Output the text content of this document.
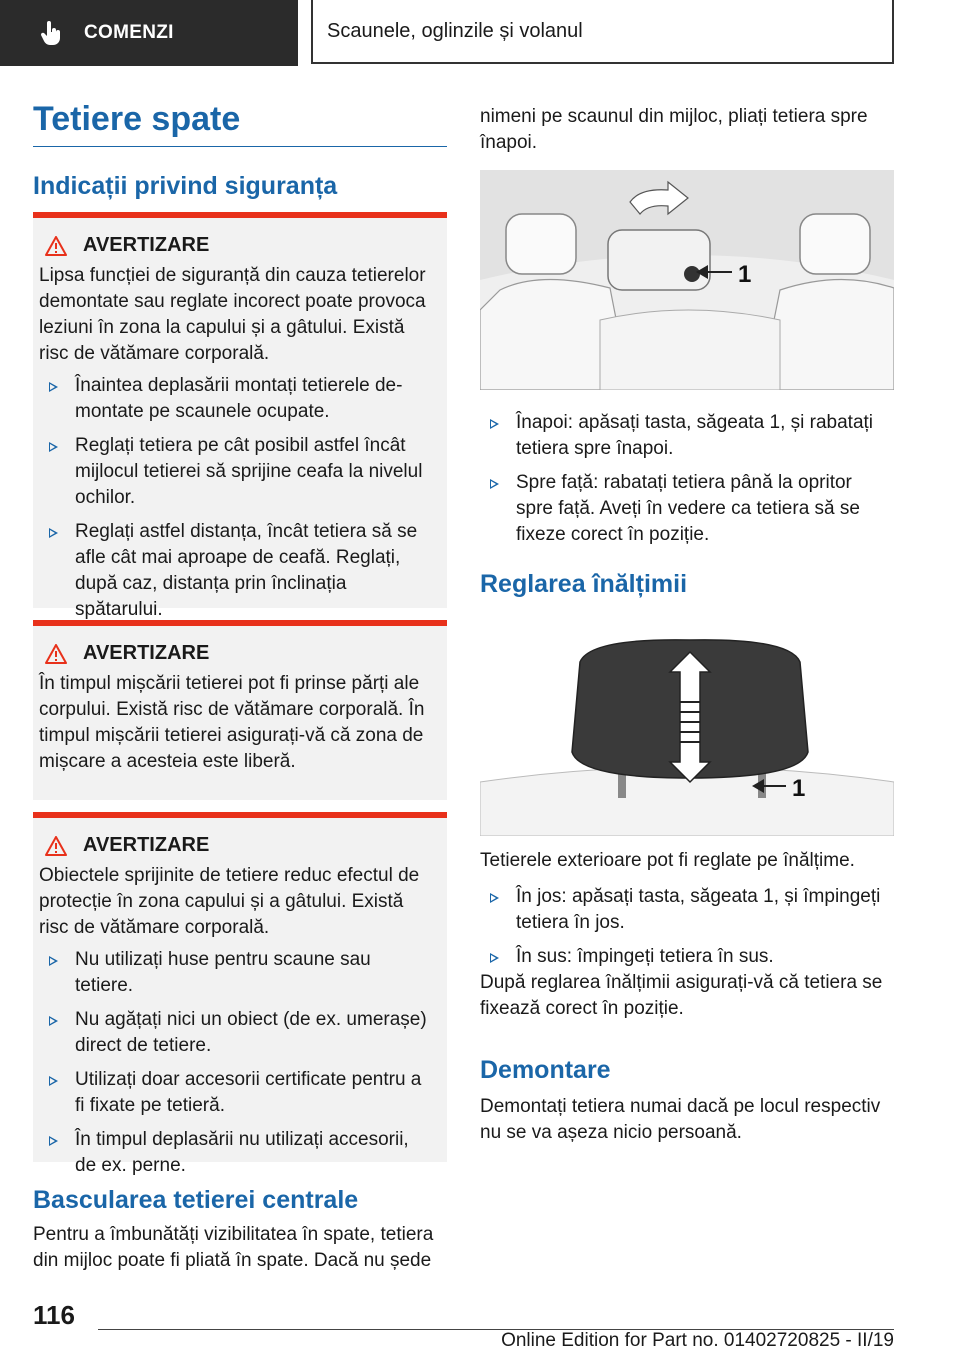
COMENZI	Scaunele, oglinzile și volanul
Tetiere spate
Indicații privind siguranța
AVERTIZARE

Lipsa funcției de siguranță din cauza tetierelor demontate sau reglate incorect poate provoca leziuni în zona la capului și a gâtului. Există risc de vătămare corporală.

Înaintea deplasării montați tetierele demontate pe scaunele ocupate.
Reglați tetiera pe cât posibil astfel încât mijlocul tetierei să sprijine ceafa la nivelul ochilor.
Reglați astfel distanța, încât tetiera să se afle cât mai aproape de ceafă. Reglați, după caz, distanța prin înclinația spătarului.
AVERTIZARE

În timpul mișcării tetierei pot fi prinse părți ale corpului. Există risc de vătămare corporală. În timpul mișcării tetierei asigurați-vă că zona de mișcare a acesteia este liberă.

AVERTIZARE

Obiectele sprijinite de tetiere reduc efectul de protecție în zona capului și a gâtului. Există risc de vătămare corporală.

Nu utilizați huse pentru scaune sau tetiere.
Nu agățați nici un obiect (de ex. umerașe) direct de tetiere.
Utilizați doar accesorii certificate pentru a fi fixate pe tetieră.
În timpul deplasării nu utilizați accesorii, de ex. perne.
Bascularea tetierei centrale

Pentru a îmbunătăți vizibilitatea în spate, tetiera din mijloc poate fi pliată în spate. Dacă nu șede

nimeni pe scaunul din mijloc, pliați tetiera spre înapoi.

1
Înapoi: apăsați tasta, săgeata 1, și rabatați tetiera spre înapoi.
Spre față: rabatați tetiera până la opritor spre față. Aveți în vedere ca tetiera să se fixeze corect în poziție.
Reglarea înălțimii
1

Tetierele exterioare pot fi reglate pe înălțime.

În jos: apăsați tasta, săgeata 1, și împingeți tetiera în jos.
În sus: împingeți tetiera în sus.

După reglarea înălțimii asigurați-vă că tetiera se fixează corect în poziție.

Demontare

Demontați tetiera numai dacă pe locul respectiv nu se va așeza nicio persoană.

116
Online Edition for Part no. 01402720825 - II/19
